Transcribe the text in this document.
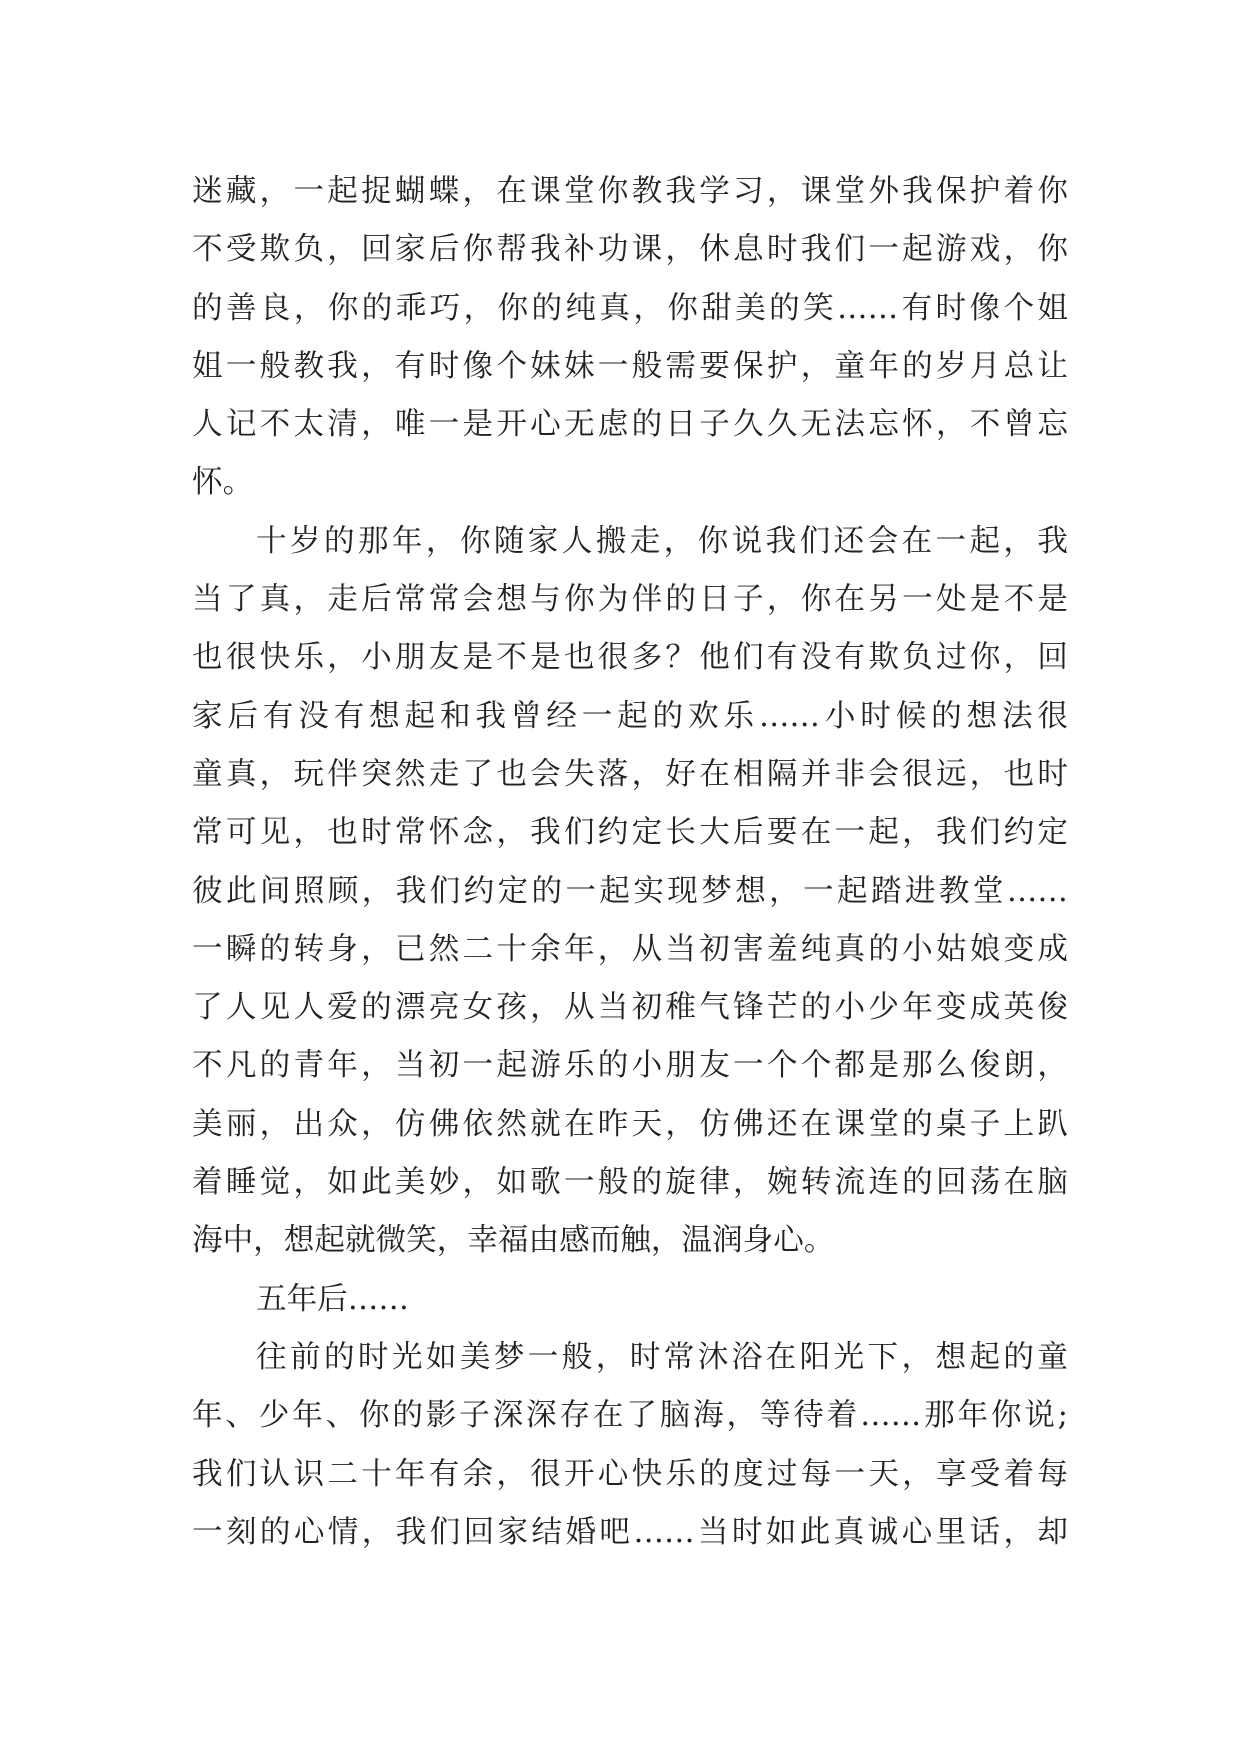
迷藏，一起捉蝴蝶，在课堂你教我学习，课堂外我保护着你
不受欺负，回家后你帮我补功课，休息时我们一起游戏，你
的善良，你的乖巧，你的纯真，你甜美的笑……有时像个姐
姐一般教我，有时像个妹妹一般需要保护，童年的岁月总让
人记不太清，唯一是开心无虑的日子久久无法忘怀，不曾忘
怀。
十岁的那年，你随家人搬走，你说我们还会在一起，我
当了真，走后常常会想与你为伴的日子，你在另一处是不是
也很快乐，小朋友是不是也很多？他们有没有欺负过你，回
家后有没有想起和我曾经一起的欢乐……小时候的想法很
童真，玩伴突然走了也会失落，好在相隔并非会很远，也时
常可见，也时常怀念，我们约定长大后要在一起，我们约定
彼此间照顾，我们约定的一起实现梦想，一起踏进教堂……
一瞬的转身，已然二十余年，从当初害羞纯真的小姑娘变成
了人见人爱的漂亮女孩，从当初稚气锋芒的小少年变成英俊
不凡的青年，当初一起游乐的小朋友一个个都是那么俊朗，
美丽，出众，仿佛依然就在昨天，仿佛还在课堂的桌子上趴
着睡觉，如此美妙，如歌一般的旋律，婉转流连的回荡在脑
海中，想起就微笑，幸福由感而触，温润身心。
五年后……
往前的时光如美梦一般，时常沐浴在阳光下，想起的童
年、少年、你的影子深深存在了脑海，等待着……那年你说;
我们认识二十年有余，很开心快乐的度过每一天，享受着每
一刻的心情，我们回家结婚吧……当时如此真诚心里话，却
